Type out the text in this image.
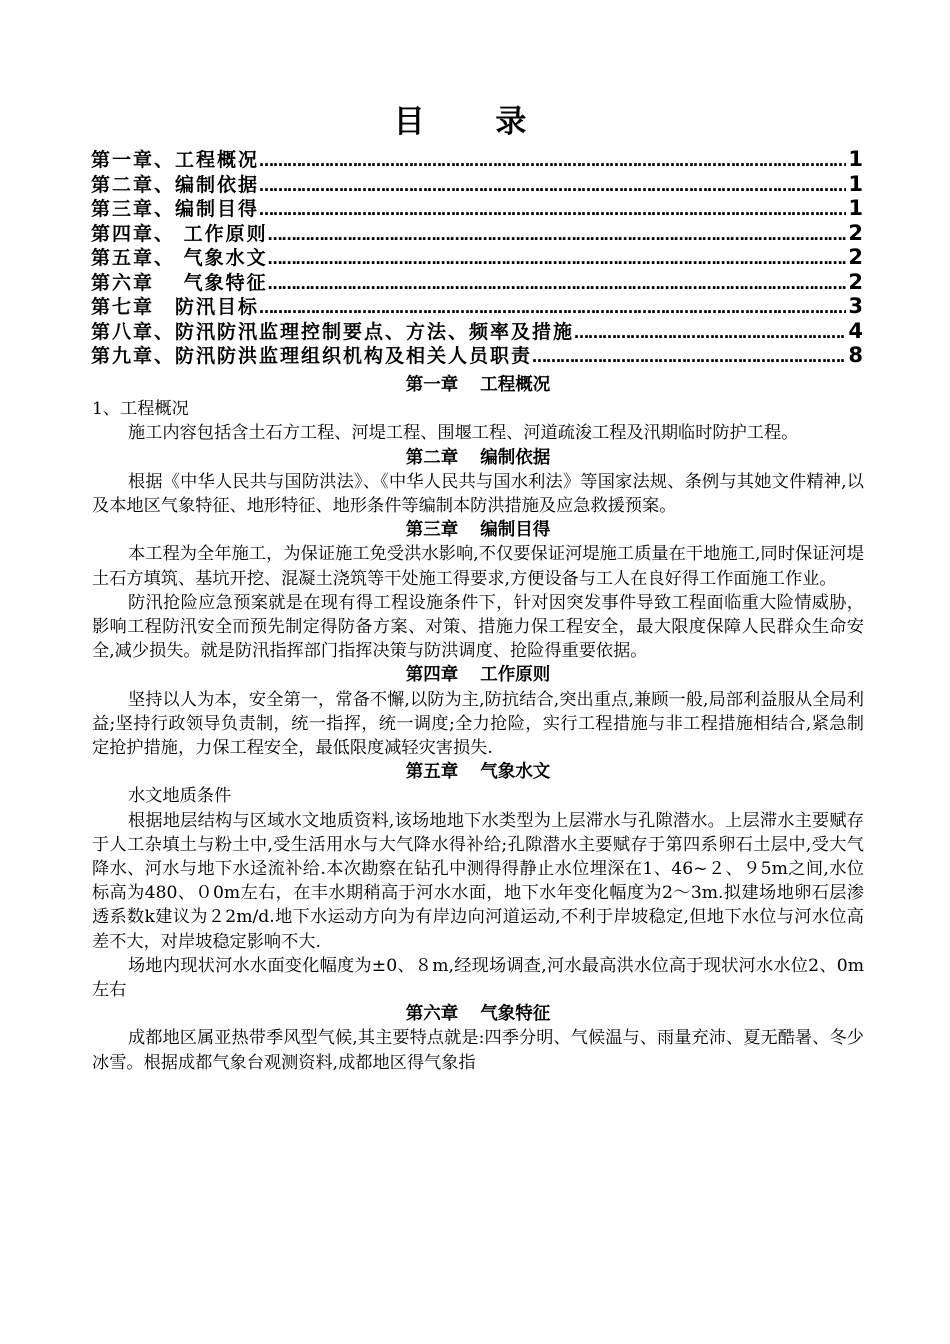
目 录
第一章、工程概况 ………………………………………………………………………………………………………………………………………………………………	1
第二章、编制依据 ………………………………………………………………………………………………………………………………………………………………	1
第三章、编制目得 ………………………………………………………………………………………………………………………………………………………………	1
第四章、 工作原则 ………………………………………………………………………………………………………………………………………………………………	2
第五章、 气象水文 ………………………………………………………………………………………………………………………………………………………………	2
第六章　 气象特征 ………………………………………………………………………………………………………………………………………………………………	2
第七章　防汛目标 ………………………………………………………………………………………………………………………………………………………………	3
第八章、防汛防汛监理控制要点、方法、频率及措施 ………………………………………………………………………………………………………………………………………………………………	4
第九章、防汛防洪监理组织机构及相关人员职责 ………………………………………………………………………………………………………………………………………………………………	8
第一章 工程概况

1、工程概况

施工内容包括含土石方工程、河堤工程、围堰工程、河道疏浚工程及汛期临时防护工程。

第二章 编制依据

根据《中华人民共与国防洪法》、《中华人民共与国水利法》等国家法规、条例与其她文件精神,以及本地区气象特征、地形特征、地形条件等编制本防洪措施及应急救援预案。

第三章 编制目得

本工程为全年施工，为保证施工免受洪水影响,不仅要保证河堤施工质量在干地施工,同时保证河堤土石方填筑、基坑开挖、混凝土浇筑等干处施工得要求,方便设备与工人在良好得工作面施工作业。

防汛抢险应急预案就是在现有得工程设施条件下，针对因突发事件导致工程面临重大险情威胁，影响工程防汛安全而预先制定得防备方案、对策、措施力保工程安全，最大限度保障人民群众生命安全,减少损失。就是防汛指挥部门指挥决策与防洪调度、抢险得重要依据。

第四章 工作原则

坚持以人为本，安全第一，常备不懈,以防为主,防抗结合,突出重点,兼顾一般,局部利益服从全局利益;坚持行政领导负责制，统一指挥，统一调度;全力抢险，实行工程措施与非工程措施相结合,紧急制定抢护措施，力保工程安全，最低限度减轻灾害损失.

第五章 气象水文

水文地质条件

根据地层结构与区域水文地质资料,该场地地下水类型为上层滞水与孔隙潜水。上层滞水主要赋存于人工杂填土与粉土中,受生活用水与大气降水得补给;孔隙潜水主要赋存于第四系卵石土层中,受大气降水、河水与地下水迳流补给.本次勘察在钻孔中测得得静止水位埋深在1、46~２、９5m之间,水位标高为480、０0m左右，在丰水期稍高于河水水面，地下水年变化幅度为2～3m.拟建场地卵石层渗透系数k建议为２2m/d.地下水运动方向为有岸边向河道运动,不利于岸坡稳定,但地下水位与河水位高差不大，对岸坡稳定影响不大.

场地内现状河水水面变化幅度为±0、８m,经现场调查,河水最高洪水位高于现状河水水位2、0m左右

第六章 气象特征

成都地区属亚热带季风型气候,其主要特点就是:四季分明、气候温与、雨量充沛、夏无酷暑、冬少冰雪。根据成都气象台观测资料,成都地区得气象指
